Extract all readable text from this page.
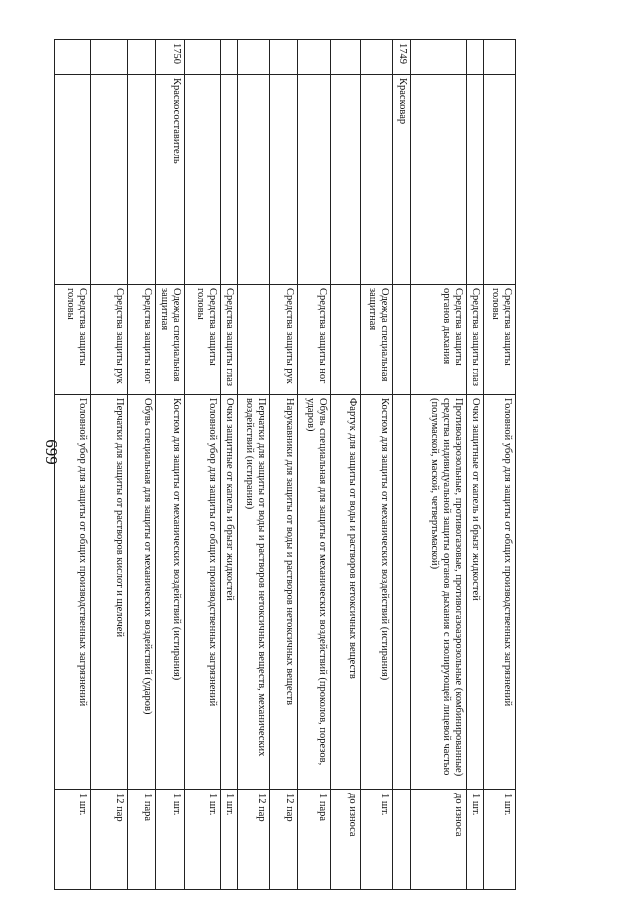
699
		Средства защиты головы	Головной убор для защиты от общих производственных загрязнений	1 шт.
		Средства защиты глаз	Очки защитные от капель и брызг жидкостей	1 шт.
		Средства защиты органов дыхания	Противоаэрозольные, противогазовые, противогазоаэрозольные (комбинированные) средства индивидуальной защиты органов дыхания с изолирующей лицевой частью (полумаской, маской, четвертьмаской)	до износа
1749	Красковар			
		Одежда специальная защитная	Костюм для защиты от механических воздействий (истирания)	1 шт.
			Фартук для защиты от воды и растворов нетоксичных веществ	до износа
		Средства защиты ног	Обувь специальная для защиты от механических воздействий (проколов, порезов, ударов)	1 пара
		Средства защиты рук	Нарукавники для защиты от воды и растворов нетоксичных веществ	12 пар
			Перчатки для защиты от воды и растворов нетоксичных веществ, механических воздействий (истирания)	12 пар
		Средства защиты глаз	Очки защитные от капель и брызг жидкостей	1 шт.
		Средства защиты головы	Головной убор для защиты от общих производственных загрязнений	1 шт.
1750	Краскосоставитель	Одежда специальная защитная	Костюм для защиты от механических воздействий (истирания)	1 шт.
		Средства защиты ног	Обувь специальная для защиты от механических воздействий (ударов)	1 пара
		Средства защиты рук	Перчатки для защиты от растворов кислот и щелочей	12 пар
		Средства защиты головы	Головной убор для защиты от общих производственных загрязнений	1 шт.
